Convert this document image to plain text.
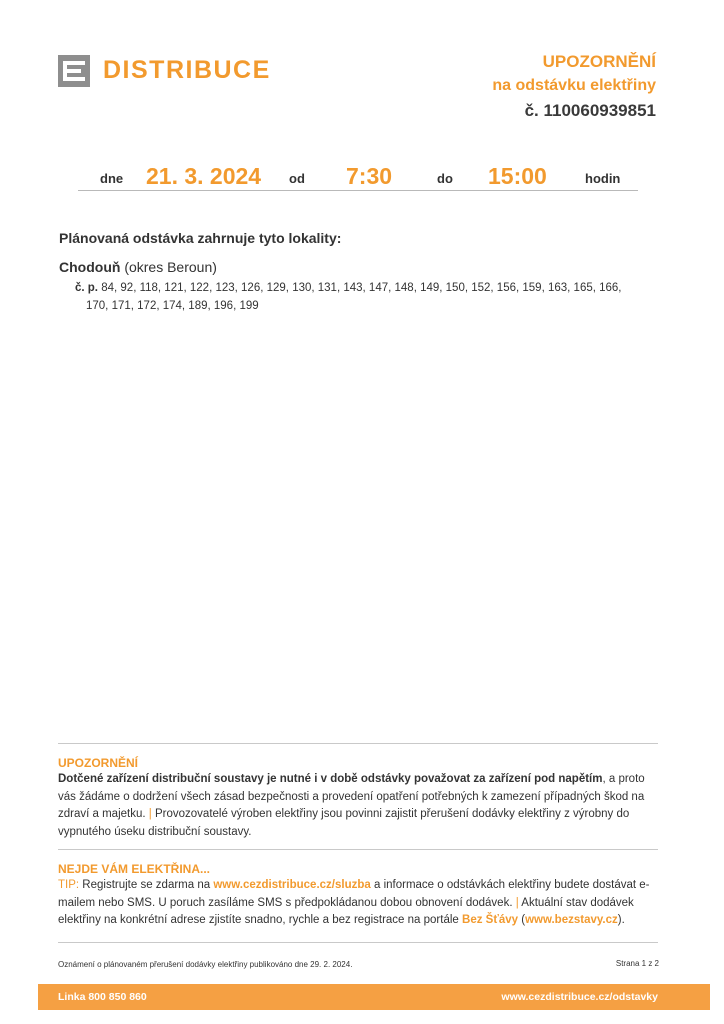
DISTRIBUCE	UPOZORNĚNÍ
na odstávku elektřiny
č. 110060939851
dne 21. 3. 2024 od 7:30	do 15:00	hodin
Plánovaná odstávka zahrnuje tyto lokality:
Chodouň (okres Beroun)
č. p. 84, 92, 118, 121, 122, 123, 126, 129, 130, 131, 143, 147, 148, 149, 150, 152, 156, 159, 163, 165, 166,
170, 171, 172, 174, 189, 196, 199
UPOZORNĚNÍ
Dotčené zařízení distribuční soustavy je nutné i v době odstávky považovat za zařízení pod napětím, a proto vás žádáme o dodržení všech zásad bezpečnosti a provedení opatření potřebných k zamezení případných škod na zdraví a majetku. | Provozovatelé výroben elektřiny jsou povinni zajistit přerušení dodávky elektřiny z výrobny do vypnutého úseku distribuční soustavy.
NEJDE VÁM ELEKTŘINA...
TIP: Registrujte se zdarma na www.cezdistribuce.cz/sluzba a informace o odstávkách elektřiny budete dostávat e-mailem nebo SMS. U poruch zasíláme SMS s předpokládanou dobou obnovení dodávek. | Aktuální stav dodávek elektřiny na konkrétní adrese zjistíte snadno, rychle a bez registrace na portále Bez Šťávy (www.bezstavy.cz).
Oznámení o plánovaném přerušení dodávky elektřiny publikováno dne 29. 2. 2024.	Strana 1 z 2
Linka 800 850 860	www.cezdistribuce.cz/odstavky
